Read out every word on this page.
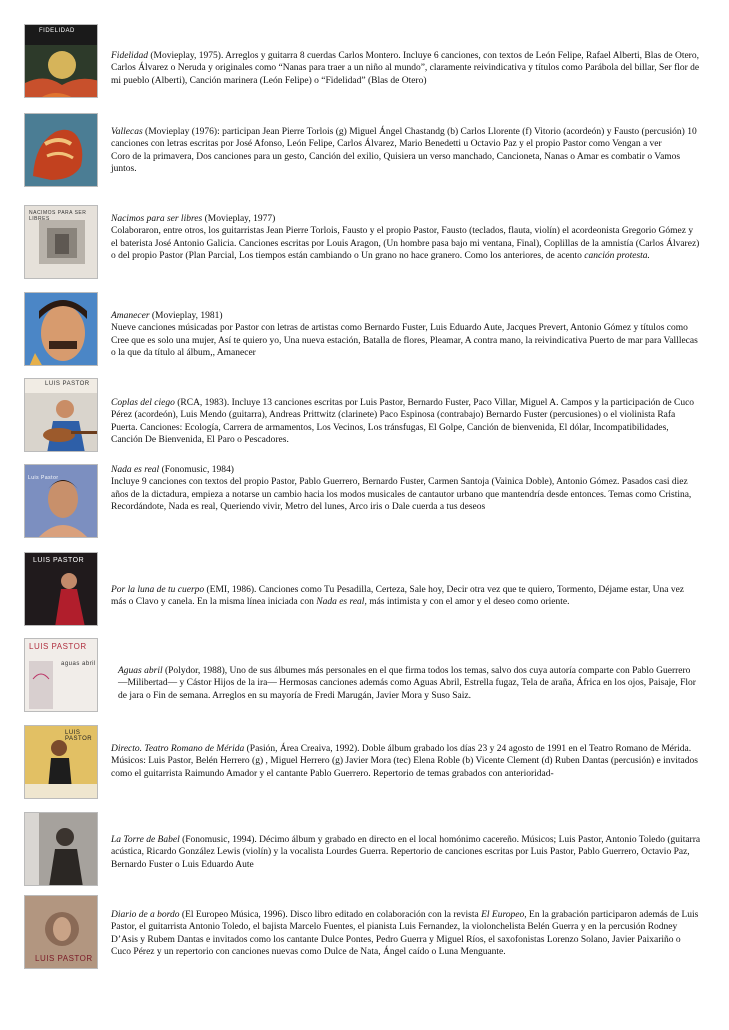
FIDELIDAD
Fidelidad (Movieplay, 1975). Arreglos y guitarra 8 cuerdas Carlos Montero. Incluye 6 canciones, con textos de León Felipe, Rafael Alberti, Blas de Otero, Carlos Álvarez o Neruda y originales como “Nanas para traer a un niño al mundo”, claramente reivindicativa y títulos como Parábola del billar, Ser flor de mi pueblo (Alberti), Canción marinera (León Felipe) o “Fidelidad” (Blas de Otero)
Vallecas (Movieplay (1976): participan Jean Pierre Torlois (g) Miguel Ángel Chastandg (b) Carlos Llorente (f) Vitorio (acordeón) y Fausto (percusión) 10 canciones con letras escritas por José Afonso, León Felipe, Carlos Álvarez, Mario Benedetti u Octavio Paz y el propio Pastor como Vengan a ver
Coro de la primavera, Dos canciones para un gesto, Canción del exilio, Quisiera un verso manchado, Cancioneta, Nanas o Amar es combatir o Vamos juntos.
NACIMOS PARA SER LIBRES	Nacimos para ser libres (Movieplay, 1977)
Colaboraron, entre otros, los guitarristas Jean Pierre Torlois, Fausto y el propio Pastor, Fausto (teclados, flauta, violín) el acordeonista Gregorio Gómez y el baterista José Antonio Galicia. Canciones escritas por Louis Aragon, (Un hombre pasa bajo mi ventana, Final), Coplillas de la amnistía (Carlos Álvarez) o del propio Pastor (Plan Parcial, Los tiempos están cambiando o Un grano no hace granero. Como los anteriores, de acento canción protesta.
Amanecer (Movieplay, 1981)
Nueve canciones músicadas por Pastor con letras de artistas como Bernardo Fuster, Luis Eduardo Aute, Jacques Prevert, Antonio Gómez y títulos como Cree que es solo una mujer, Así te quiero yo, Una nueva estación, Batalla de flores, Pleamar, A contra mano, la reivindicativa Puerto de mar para Valllecas o la que da título al álbum,, Amanecer
LUIS PASTOR
Coplas del ciego (RCA, 1983). Incluye 13 canciones escritas por Luis Pastor, Bernardo Fuster, Paco Villar, Miguel A. Campos y la participación de Cuco Pérez (acordeón), Luis Mendo (guitarra), Andreas Prittwitz (clarinete) Paco Espinosa (contrabajo) Bernardo Fuster (percusiones) o el violinista Rafa Puerta. Canciones: Ecología, Carrera de armamentos, Los Vecinos, Los tránsfugas, El Golpe, Canción de bienvenida, El dólar, Incompatibilidades, Canción De Bienvenida, El Paro o Pescadores.
Luis Pastor
Nada es real (Fonomusic, 1984)
Incluye 9 canciones con textos del propio Pastor, Pablo Guerrero, Bernardo Fuster, Carmen Santoja (Vainica Doble), Antonio Gómez. Pasados casi diez años de la dictadura, empieza a notarse un cambio hacia los modos musicales de cantautor urbano que mantendría desde entonces. Temas como Cristina, Recordándote, Nada es real, Queriendo vivir, Metro del lunes, Arco iris o Dale cuerda a tus deseos
LUIS PASTOR
Por la luna de tu cuerpo (EMI, 1986). Canciones como Tu Pesadilla, Certeza, Sale hoy, Decir otra vez que te quiero, Tormento, Déjame estar, Una vez más o Clavo y canela. En la misma línea iniciada con Nada es real, más intimista y con el amor y el deseo como oriente.
LUIS PASTOR
aguas abril
Aguas abril (Polydor, 1988), Uno de sus álbumes más personales en el que firma todos los temas, salvo dos cuya autoría comparte con Pablo Guerrero —Milibertad— y Cástor Hijos de la ira— Hermosas canciones además como Aguas Abril, Estrella fugaz, Tela de araña, África en los ojos, Paisaje, Flor de jara o Fin de semana. Arreglos en su mayoría de Fredi Marugán, Javier Mora y Suso Saiz.
LUIS PASTOR
Directo. Teatro Romano de Mérida (Pasión, Área Creaiva, 1992). Doble álbum grabado los días 23 y 24 agosto de 1991 en el Teatro Romano de Mérida. Músicos: Luis Pastor, Belén Herrero (g) , Miguel Herrero (g) Javier Mora (tec) Elena Roble (b) Vicente Clement (d) Ruben Dantas (percusión) e invitados como el guitarrista Raimundo Amador y el cantante Pablo Guerrero. Repertorio de temas grabados con anterioridad-
La Torre de Babel (Fonomusic, 1994). Décimo álbum y grabado en directo en el local homónimo cacereño. Músicos; Luis Pastor, Antonio Toledo (guitarra acústica, Ricardo González Lewis (violín) y la vocalista Lourdes Guerra. Repertorio de canciones escritas por Luis Pastor, Pablo Guerrero, Octavio Paz, Bernardo Fuster o Luis Eduardo Aute
LUIS PASTOR
Diario de a bordo (El Europeo Música, 1996). Disco libro editado en colaboración con la revista El Europeo, En la grabación participaron además de Luis Pastor, el guitarrista Antonio Toledo, el bajista Marcelo Fuentes, el pianista Luis Fernandez, la violonchelista Belén Guerra y en la percusión Rodney D’Asis y Rubem Dantas e invitados como los cantante Dulce Pontes, Pedro Guerra y Miguel Ríos, el saxofonistas Lorenzo Solano, Javier Paixariño o Cuco Pérez y un repertorio con canciones nuevas como Dulce de Nata, Ángel caído o Luna Menguante.
